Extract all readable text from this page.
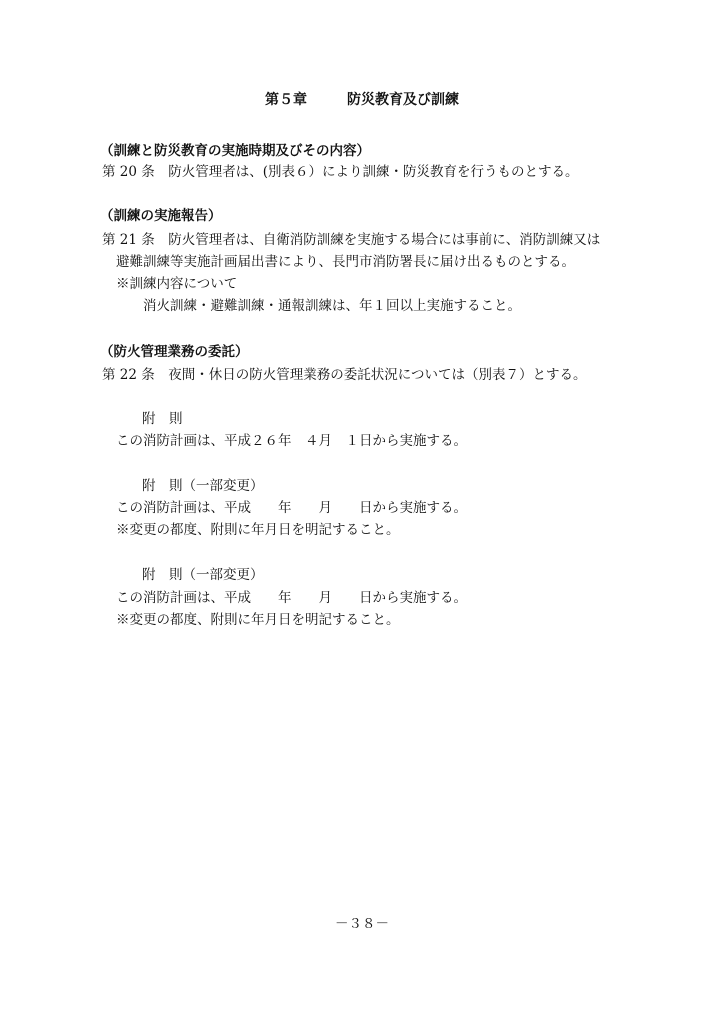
第５章	防災教育及び訓練
（訓練と防災教育の実施時期及びその内容）
第 20 条　防火管理者は、(別表６）により訓練・防災教育を行うものとする。
（訓練の実施報告）
第 21 条　防火管理者は、自衛消防訓練を実施する場合には事前に、消防訓練又は
避難訓練等実施計画届出書により、長門市消防署長に届け出るものとする。
※訓練内容について
消火訓練・避難訓練・通報訓練は、年１回以上実施すること。
（防火管理業務の委託）
第 22 条　夜間・休日の防火管理業務の委託状況については（別表７）とする。
附　則
この消防計画は、平成２６年　４月　１日から実施する。
附　則（一部変更）
この消防計画は、平成　　年　　月　　日から実施する。
※変更の都度、附則に年月日を明記すること。
附　則（一部変更）
この消防計画は、平成　　年　　月　　日から実施する。
※変更の都度、附則に年月日を明記すること。
－３８－
